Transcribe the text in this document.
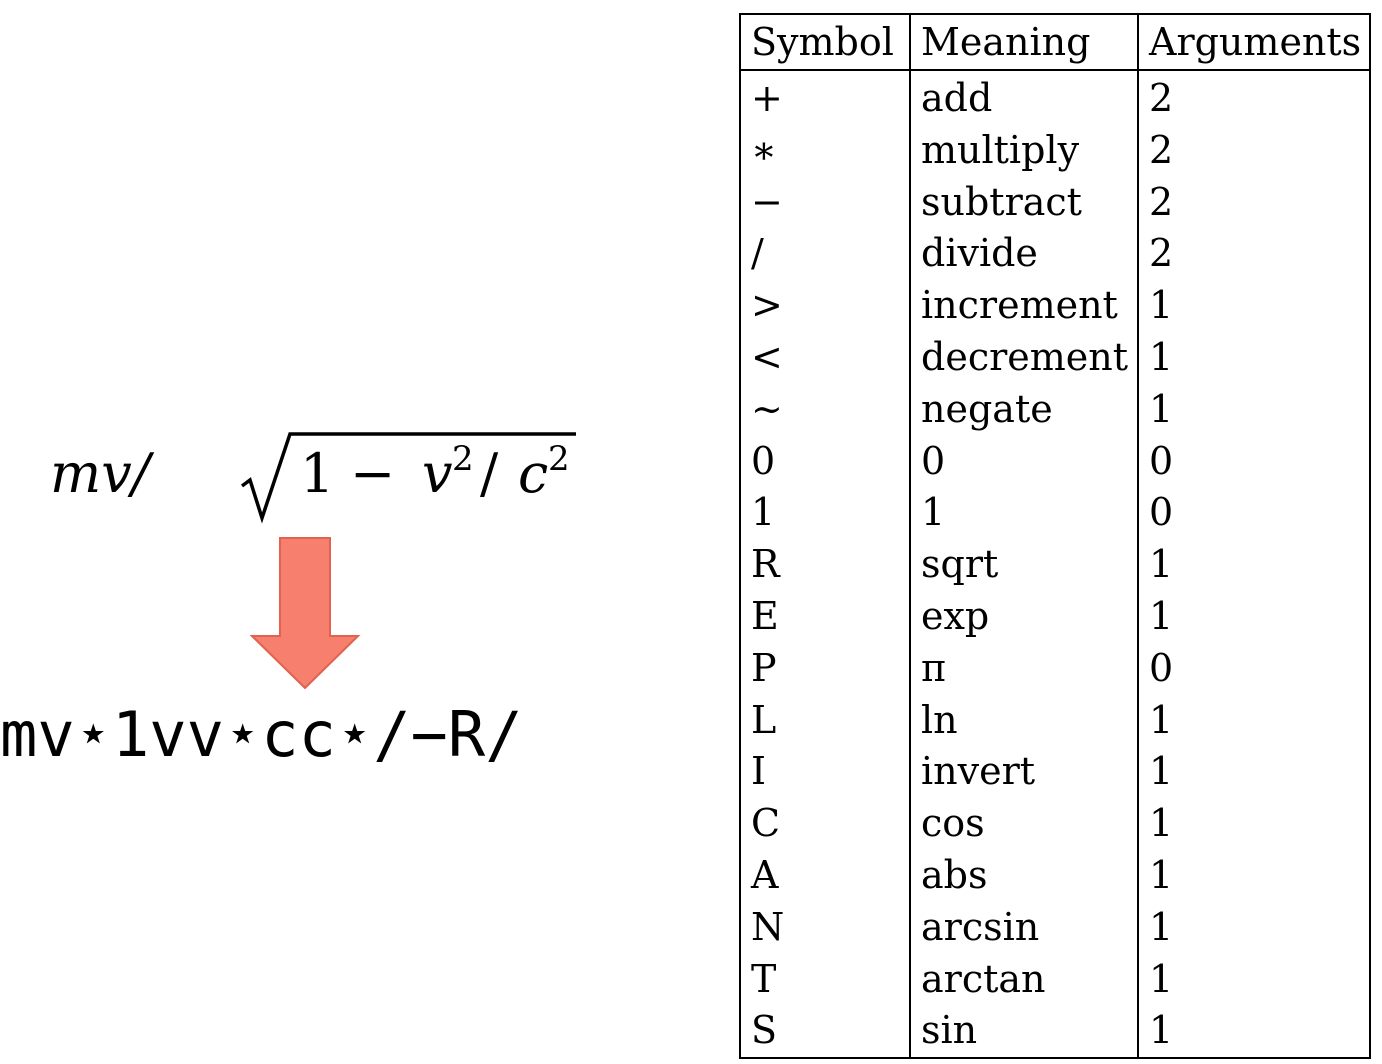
mv/	1 − v $^2$ / c $^2$
mv⋆1vv⋆cc⋆/−R/
Symbol	Meaning	Arguments
+	add	2
∗	multiply	2
−	subtract	2
/	divide	2
>	increment	1
<	decrement	1
∼	negate	1
0	0	0
1	1	0
R	sqrt	1
E	exp	1
P	π	0
L	ln	1
I	invert	1
C	cos	1
A	abs	1
N	arcsin	1
T	arctan	1
S	sin	1
